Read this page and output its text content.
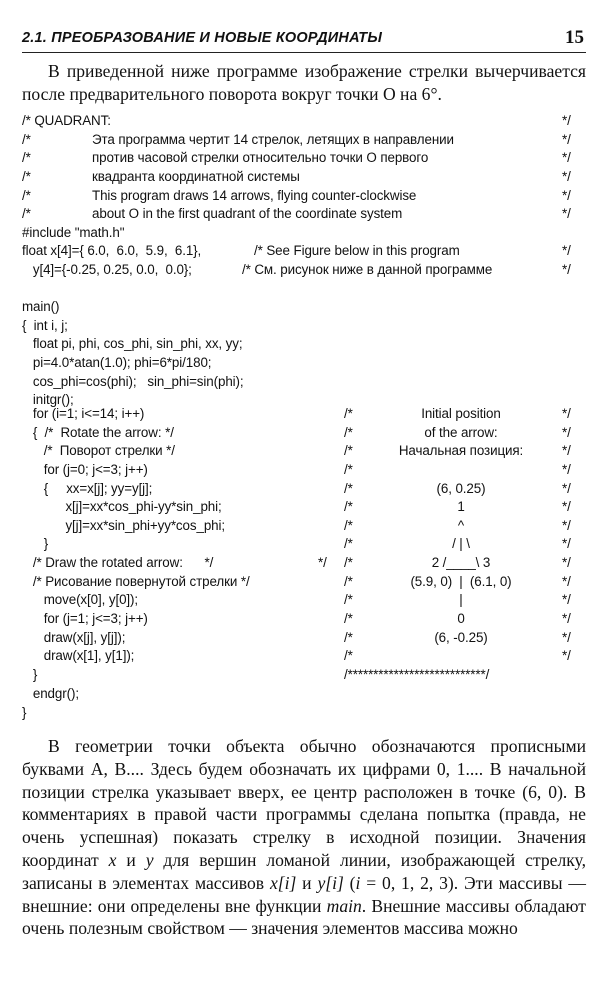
2.1. ПРЕОБРАЗОВАНИЕ И НОВЫЕ КООРДИНАТЫ	15
В приведенной ниже программе изображение стрелки вычерчивается после предварительного поворота вокруг точки О на 6°.
/* QUADRANT:	*/
/*	Эта программа чертит 14 стрелок, летящих в направлении	*/
/*	против часовой стрелки относительно точки О первого	*/
/*	квадранта координатной системы	*/
/*	This program draws 14 arrows, flying counter-clockwise	*/
/*	about O in the first quadrant of the coordinate system	*/
#include "math.h"
float x[4]={ 6.0,  6.0,  5.9,  6.1},	/* See Figure below in this program	*/
y[4]={-0.25, 0.25, 0.0,  0.0};	/* См. рисунок ниже в данной программе	*/
main()
{  int i, j;
float pi, phi, cos_phi, sin_phi, xx, yy;
pi=4.0*atan(1.0); phi=6*pi/180;
cos_phi=cos(phi);   sin_phi=sin(phi);
initgr();
for (i=1; i<=14; i++)	/*	Initial position	*/
{  /*  Rotate the arrow: */	/*	of the arrow:	*/
/*  Поворот стрелки */	/*	Начальная позиция:	*/
for (j=0; j<=3; j++)	/*	*/
{     xx=x[j]; yy=y[j];	/*	(6, 0.25)	*/
x[j]=xx*cos_phi-yy*sin_phi;	/*	1	*/
y[j]=xx*sin_phi+yy*cos_phi;	/*	^	*/
}	/*	/ | \	*/
/* Draw the rotated arrow:      */	/*	2 /____\ 3	*/
*/
/* Рисование повернутой стрелки */	/*	(5.9, 0)  |  (6.1, 0)	*/
move(x[0], y[0]);	/*	|	*/
for (j=1; j<=3; j++)	/*	0	*/
draw(x[j], y[j]);	/*	(6, -0.25)	*/
draw(x[1], y[1]);	/*	*/
}	/***************************/
endgr();
}
В геометрии точки объекта обычно обозначаются прописными буквами А, В.... Здесь будем обозначать их цифрами 0, 1.... В начальной позиции стрелка указывает вверх, ее центр расположен в точке (6, 0). В комментариях в правой части программы сделана попытка (правда, не очень успешная) показать стрелку в исходной позиции. Значения координат x и y для вершин ломаной линии, изображающей стрелку, записаны в элементах массивов x[i] и y[i] (i = 0, 1, 2, 3). Эти массивы — внешние: они определены вне функции main. Внешние массивы обладают очень полезным свойством — значения элементов массива можно
